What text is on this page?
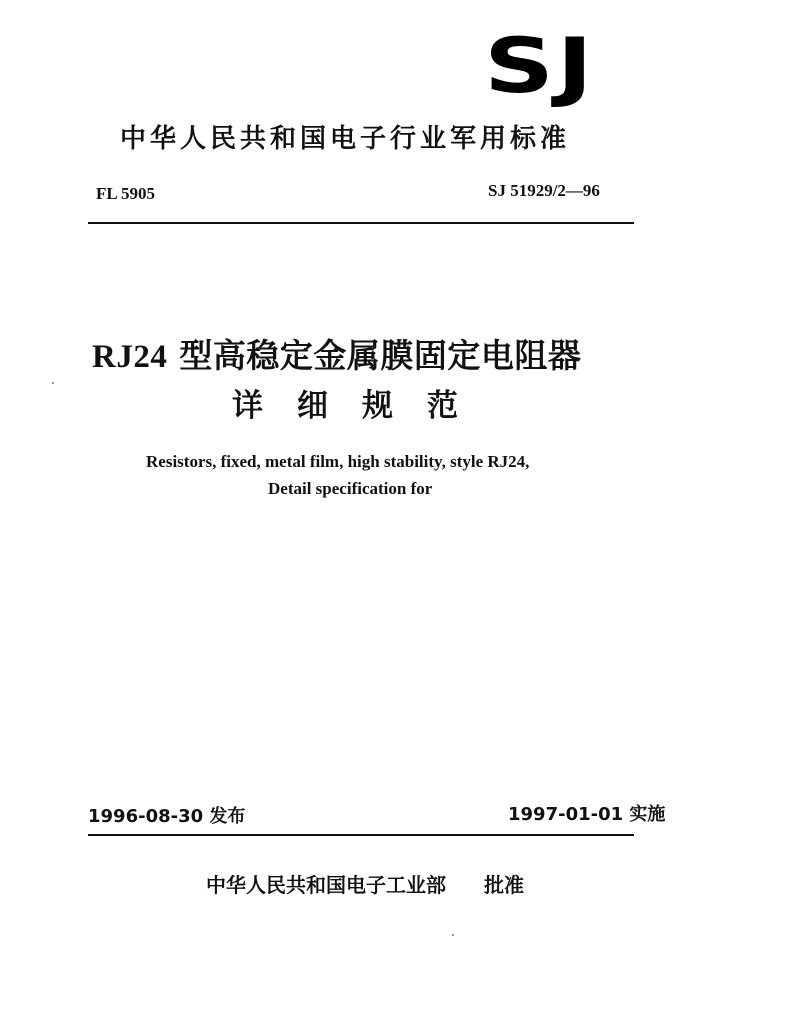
SJ
中华人民共和国电子行业军用标准
FL 5905	SJ 51929/2—96
RJ24 型高稳定金属膜固定电阻器
详细规范
Resistors, fixed, metal film, high stability, style RJ24,
Detail specification for
1996-08-30 发布	1997-01-01 实施
中华人民共和国电子工业部 批准
